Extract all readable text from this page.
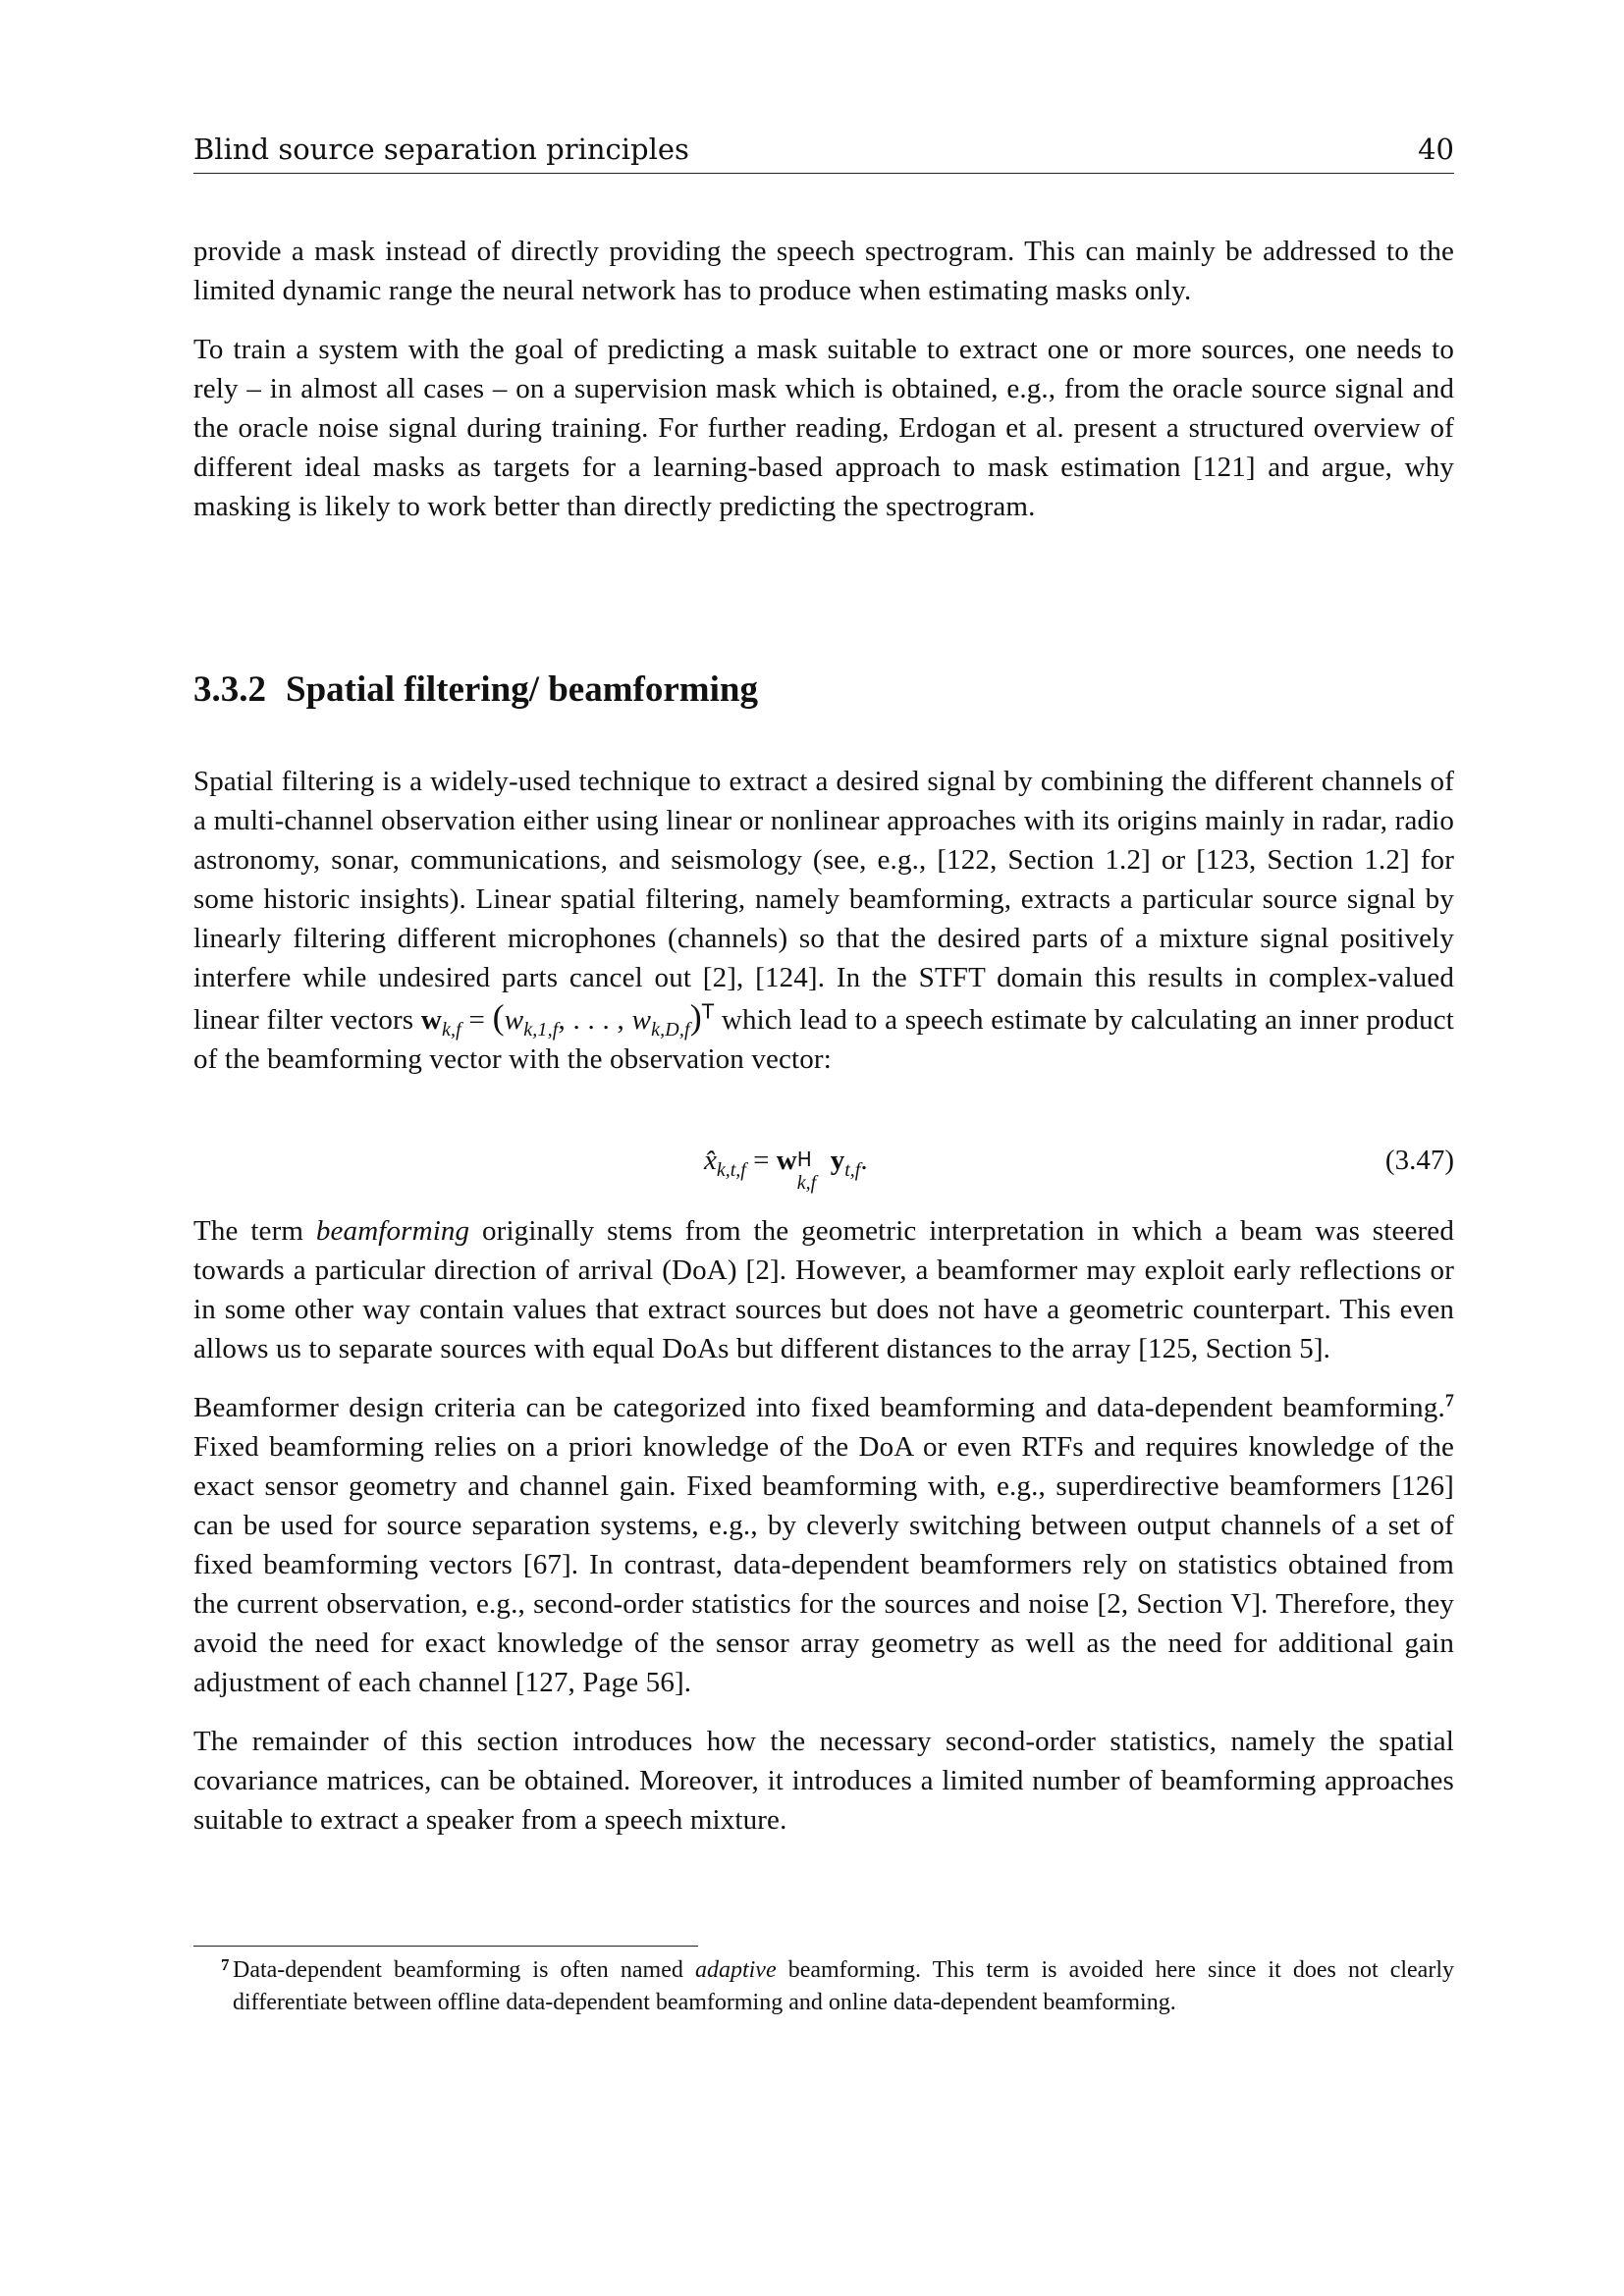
Blind source separation principles	40

provide a mask instead of directly providing the speech spectrogram. This can mainly be addressed to the limited dynamic range the neural network has to produce when estimating masks only.

To train a system with the goal of predicting a mask suitable to extract one or more sources, one needs to rely – in almost all cases – on a supervision mask which is obtained, e.g., from the oracle source signal and the oracle noise signal during training. For further reading, Erdogan et al. present a structured overview of different ideal masks as targets for a learning-based approach to mask estimation [121] and argue, why masking is likely to work better than directly predicting the spectrogram.

3.3.2 Spatial filtering/ beamforming

Spatial filtering is a widely-used technique to extract a desired signal by combining the different channels of a multi-channel observation either using linear or nonlinear approaches with its origins mainly in radar, radio astronomy, sonar, communications, and seismology (see, e.g., [122, Section 1.2] or [123, Section 1.2] for some historic insights). Linear spatial filtering, namely beamforming, extracts a particular source signal by linearly filtering different microphones (channels) so that the desired parts of a mixture signal positively interfere while undesired parts cancel out [2], [124]. In the STFT domain this results in complex-valued linear filter vectors $w_{k,f} = (w_{k,1,f}$, . . . , $w_{k,D,f})^T$ which lead to a speech estimate by calculating an inner product of the beamforming vector with the observation vector:

$x̂_{k,t,f} = w$ H
k,f
$y_{t,f}$.	(3.47)

The term beamforming originally stems from the geometric interpretation in which a beam was steered towards a particular direction of arrival (DoA) [2]. However, a beamformer may exploit early reflections or in some other way contain values that extract sources but does not have a geometric counterpart. This even allows us to separate sources with equal DoAs but different distances to the array [125, Section 5].

Beamformer design criteria can be categorized into fixed beamforming and data-dependent beamforming.$^7$ Fixed beamforming relies on a priori knowledge of the DoA or even RTFs and requires knowledge of the exact sensor geometry and channel gain. Fixed beamforming with, e.g., superdirective beamformers [126] can be used for source separation systems, e.g., by cleverly switching between output channels of a set of fixed beamforming vectors [67]. In contrast, data-dependent beamformers rely on statistics obtained from the current observation, e.g., second-order statistics for the sources and noise [2, Section V]. Therefore, they avoid the need for exact knowledge of the sensor array geometry as well as the need for additional gain adjustment of each channel [127, Page 56].

The remainder of this section introduces how the necessary second-order statistics, namely the spatial covariance matrices, can be obtained. Moreover, it introduces a limited number of beamforming approaches suitable to extract a speaker from a speech mixture.

7 Data-dependent beamforming is often named adaptive beamforming. This term is avoided here since it does not clearly differentiate between offline data-dependent beamforming and online data-dependent beamforming.
